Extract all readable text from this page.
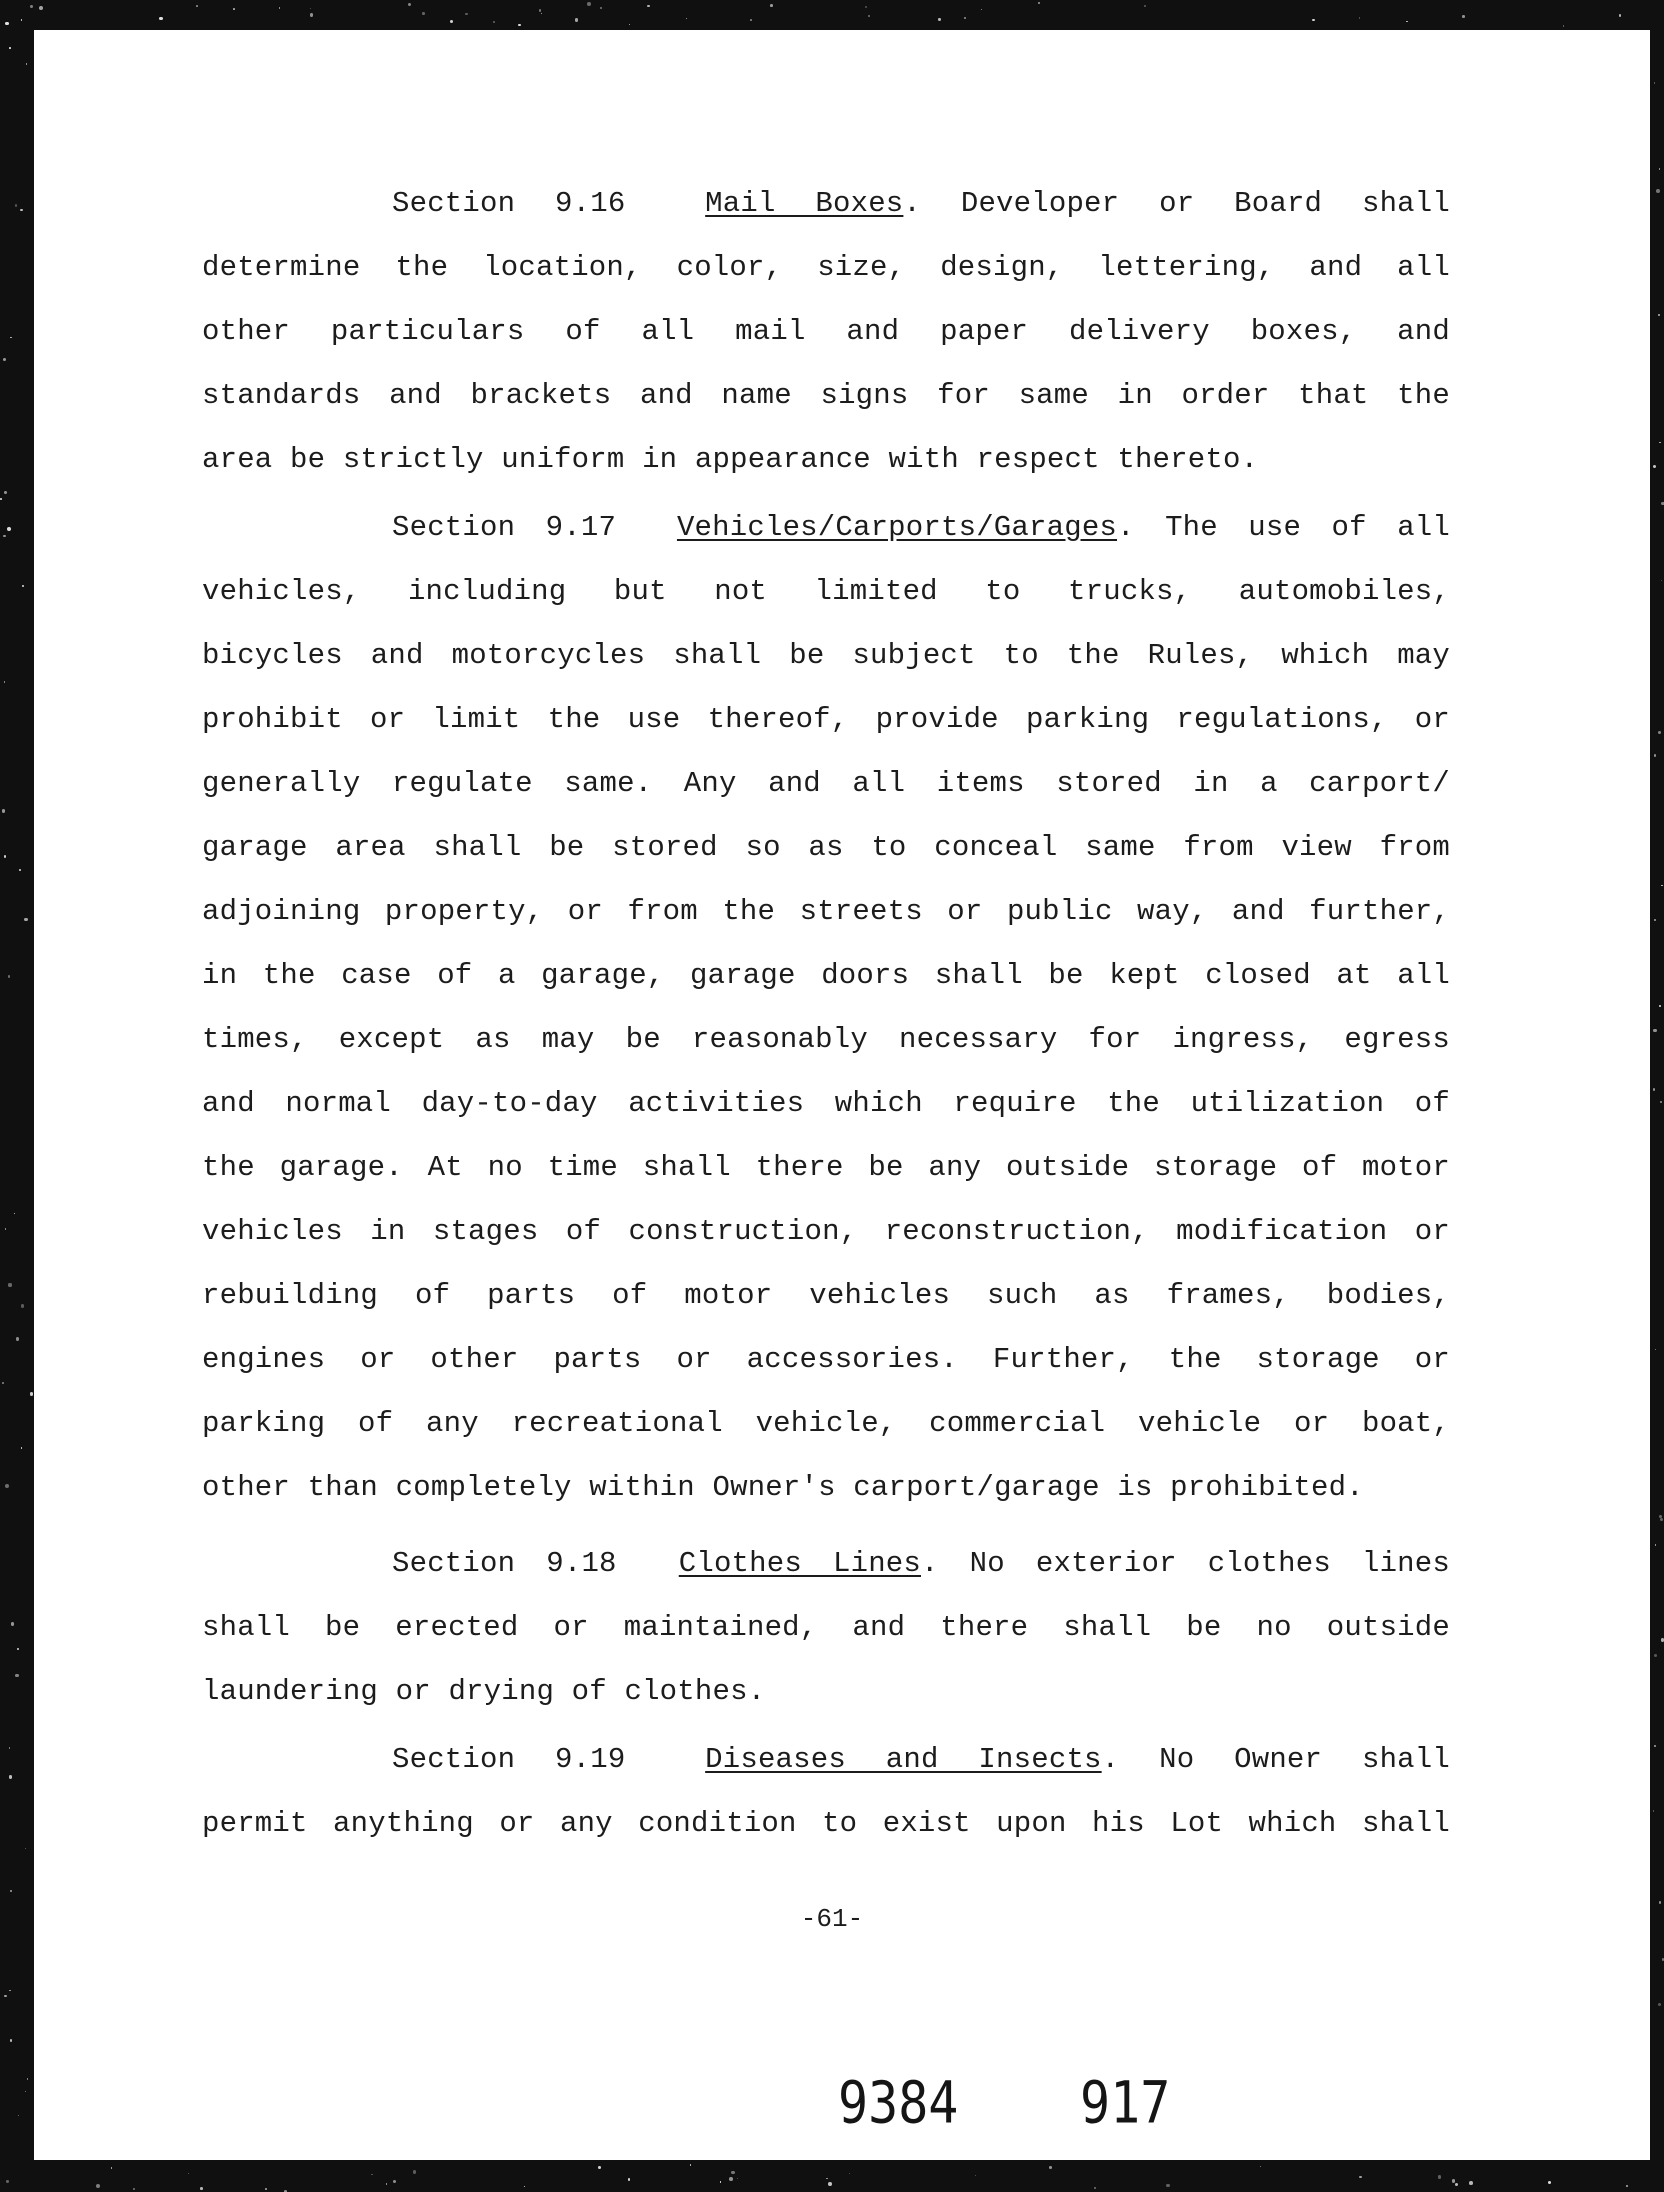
Section 9.16	Mail Boxes. Developer or Board shall
determine the location, color, size, design, lettering, and all
other particulars of all mail and paper delivery boxes, and
standards and brackets and name signs for same in order that the
area be strictly uniform in appearance with respect thereto.
Section 9.17 Vehicles/Carports/Garages. The use of all
vehicles, including but not limited to trucks, automobiles,
bicycles and motorcycles shall be subject to the Rules, which may
prohibit or limit the use thereof, provide parking regulations, or
generally regulate same. Any and all items stored in a carport/
garage area shall be stored so as to conceal same from view from
adjoining property, or from the streets or public way, and further,
in the case of a garage, garage doors shall be kept closed at all
times, except as may be reasonably necessary for ingress, egress
and normal day-to-day activities which require the utilization of
the garage. At no time shall there be any outside storage of motor
vehicles in stages of construction, reconstruction, modification or
rebuilding of parts of motor vehicles such as frames, bodies,
engines or other parts or accessories. Further, the storage or
parking of any recreational vehicle, commercial vehicle or boat,
other than completely within Owner's carport/garage is prohibited.
Section 9.18 Clothes Lines. No exterior clothes lines
shall be erected or maintained, and there shall be no outside
laundering or drying of clothes.
Section 9.19	Diseases and Insects. No Owner shall
permit anything or any condition to exist upon his Lot which shall
-61-
9384 917
